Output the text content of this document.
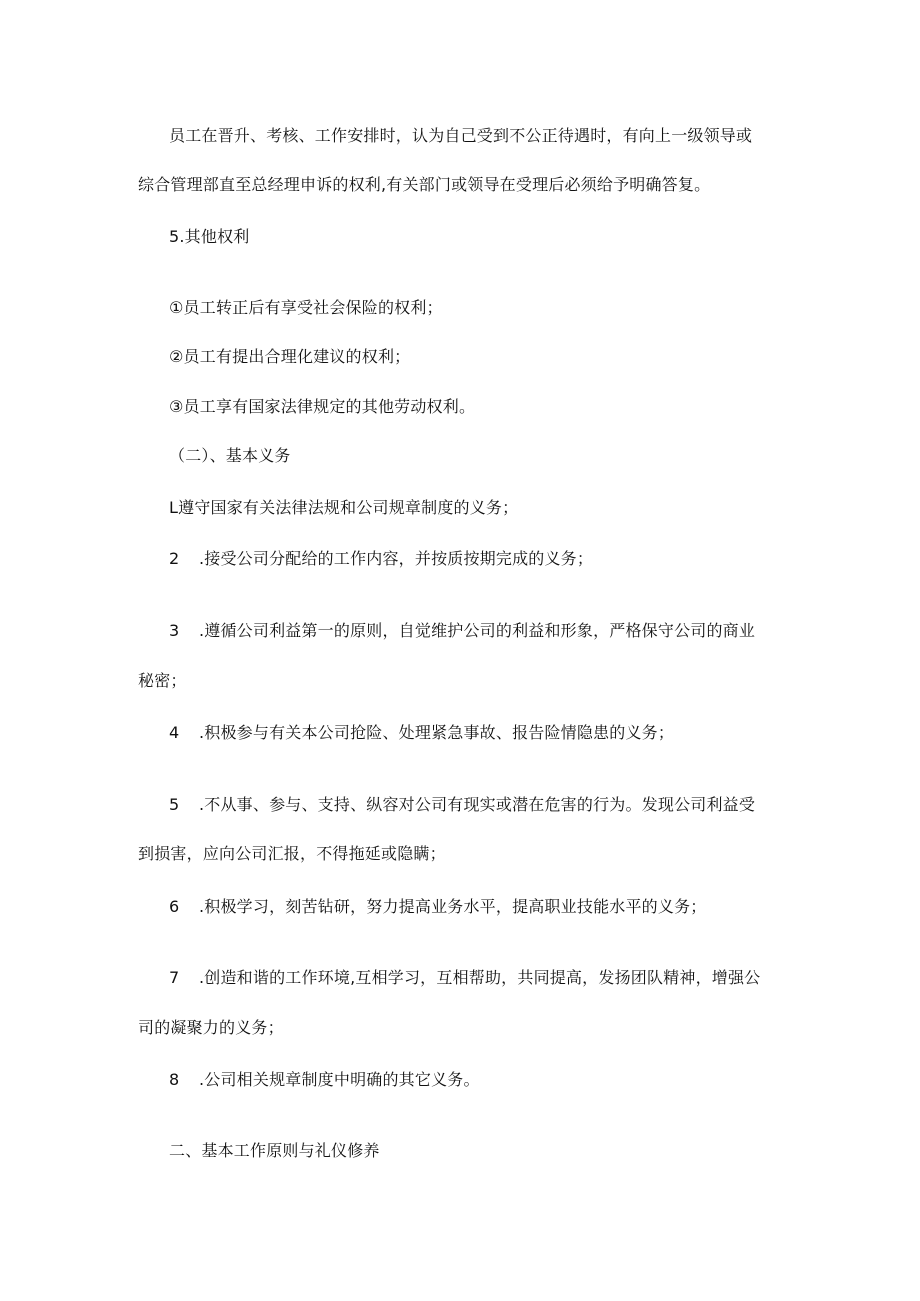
员工在晋升、考核、工作安排时，认为自己受到不公正待遇时，有向上一级领导或
综合管理部直至总经理申诉的权利,有关部门或领导在受理后必须给予明确答复。
5.其他权利
①员工转正后有享受社会保险的权利；
②员工有提出合理化建议的权利；
③员工享有国家法律规定的其他劳动权利。
（二）、基本义务
L遵守国家有关法律法规和公司规章制度的义务；
2 .接受公司分配给的工作内容，并按质按期完成的义务；
3 .遵循公司利益第一的原则，自觉维护公司的利益和形象，严格保守公司的商业
秘密；
4 .积极参与有关本公司抢险、处理紧急事故、报告险情隐患的义务；
5 .不从事、参与、支持、纵容对公司有现实或潜在危害的行为。发现公司利益受
到损害，应向公司汇报，不得拖延或隐瞒；
6 .积极学习，刻苦钻研，努力提高业务水平，提高职业技能水平的义务；
7 .创造和谐的工作环境,互相学习，互相帮助，共同提高，发扬团队精神，增强公
司的凝聚力的义务；
8 .公司相关规章制度中明确的其它义务。
二、基本工作原则与礼仪修养
